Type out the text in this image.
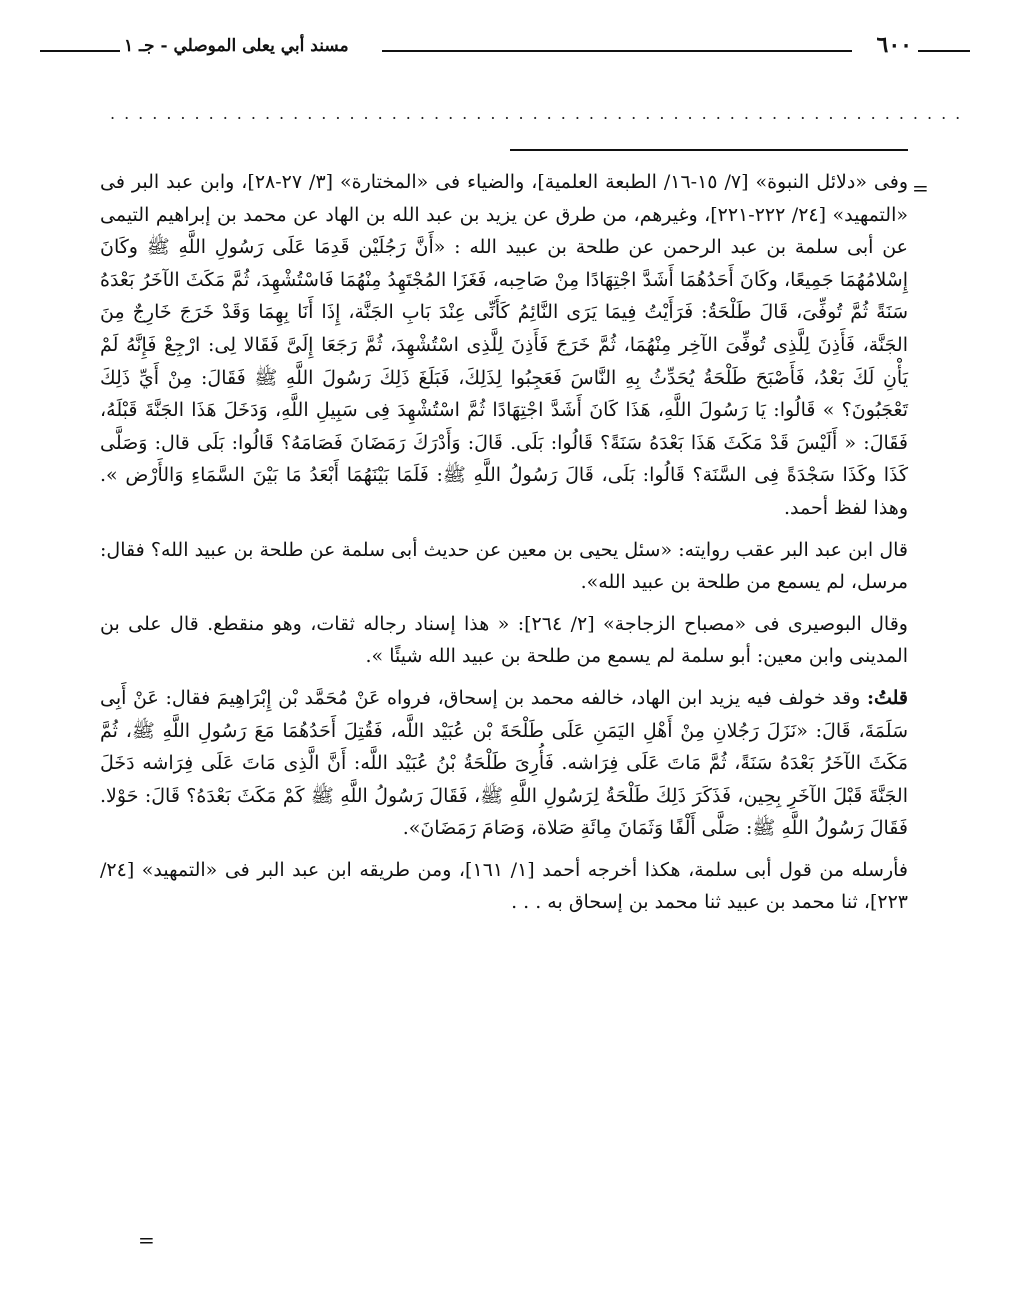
٦٠٠
مسند أبي يعلى الموصلي - جـ ١
.............................................................
=

وفى «دلائل النبوة» [٧/ ١٥-١٦/ الطبعة العلمية]، والضياء فى «المختارة» [٣/ ٢٧-٢٨]، وابن عبد البر فى «التمهيد» [٢٤/ ٢٢٢-٢٢١]، وغيرهم، من طرق عن يزيد بن عبد الله بن الهاد عن محمد بن إبراهيم التيمى عن أبى سلمة بن عبد الرحمن عن طلحة بن عبيد الله : «أَنَّ رَجُلَيْن قَدِمَا عَلَى رَسُولِ اللَّهِ ﷺ وكَانَ إِسْلامُهُمَا جَمِيعًا، وكَانَ أَحَدُهُمَا أَشَدَّ اجْتِهَادًا مِنْ صَاحِبه، فَغَزَا المُجْتَهِدُ مِنْهُمَا فَاسْتُشْهِدَ، ثُمَّ مَكَثَ الآخَرُ بَعْدَهُ سَنَةً ثُمَّ تُوفِّىَ، قَالَ طَلْحَةُ: فَرَأَيْتُ فِيمَا يَرَى النَّائِمُ كَأَنِّى عِنْدَ بَابِ الجَنَّة، إِذَا أَنَا بِهِمَا وَقَدْ خَرَجَ خَارِجٌ مِنَ الجَنَّة، فَأَذِنَ لِلَّذِى تُوفِّىَ الآخِر مِنْهُمَا، ثُمَّ خَرَجَ فَأَذِنَ لِلَّذِى اسْتُشْهِدَ، ثُمَّ رَجَعَا إِلَىَّ فَقَالا لِى: ارْجِعْ فَإِنَّهُ لَمْ يَأْنِ لَكَ بَعْدُ، فَأَصْبَحَ طَلْحَةُ يُحَدِّثُ بِهِ النَّاسَ فَعَجِبُوا لِذَلِكَ، فَبَلَغَ ذَلِكَ رَسُولَ اللَّهِ ﷺ فَقَالَ: مِنْ أَيِّ ذَلِكَ تَعْجَبُونَ؟ » قَالُوا: يَا رَسُولَ اللَّهِ، هَذَا كَانَ أَشَدَّ اجْتِهَادًا ثُمَّ اسْتُشْهِدَ فِى سَبِيلِ اللَّهِ، وَدَخَلَ هَذَا الجَنَّةَ قَبْلَهُ، فَقَالَ: « أَلَيْسَ قَدْ مَكَثَ هَذَا بَعْدَهُ سَنَةً؟ قَالُوا: بَلَى. قَالَ: وَأَدْرَكَ رَمَضَانَ فَصَامَهُ؟ قَالُوا: بَلَى قال: وَصَلَّى كَذَا وكَذَا سَجْدَةً فِى السَّنَة؟ قَالُوا: بَلَى، قَالَ رَسُولُ اللَّهِ ﷺ: فَلَمَا بَيْنَهُمَا أَبْعَدُ مَا بَيْنَ السَّمَاءِ وَالأَرْض ». وهذا لفظ أحمد.

قال ابن عبد البر عقب روايته: «سئل يحيى بن معين عن حديث أبى سلمة عن طلحة بن عبيد الله؟ فقال: مرسل، لم يسمع من طلحة بن عبيد الله».

وقال البوصيرى فى «مصباح الزجاجة» [٢/ ٢٦٤]: « هذا إسناد رجاله ثقات، وهو منقطع. قال على بن المدينى وابن معين: أبو سلمة لم يسمع من طلحة بن عبيد الله شيئًا ».

قلتُ: وقد خولف فيه يزيد ابن الهاد، خالفه محمد بن إسحاق، فرواه عَنْ مُحَمَّد بْن إِبْرَاهِيمَ فقال: عَنْ أَبِى سَلَمَةَ، قَالَ: «نَزَلَ رَجُلانِ مِنْ أَهْلِ اليَمَنِ عَلَى طَلْحَةَ بْن عُبَيْد اللَّه، فَقُتِلَ أَحَدُهُمَا مَعَ رَسُولِ اللَّهِ ﷺ، ثُمَّ مَكَثَ الآخَرُ بَعْدَهُ سَنَةً، ثُمَّ مَاتَ عَلَى فِرَاشه. فَأُرِىَ طَلْحَةُ بْنُ عُبَيْد اللَّه: أَنَّ الَّذِى مَاتَ عَلَى فِرَاشه دَخَلَ الجَنَّةَ قَبْلَ الآخَرِ بِحِين، فَذَكَرَ ذَلِكَ طَلْحَةُ لِرَسُولِ اللَّهِ ﷺ، فَقَالَ رَسُولُ اللَّهِ ﷺ كَمْ مَكَثَ بَعْدَهُ؟ قَالَ: حَوْلا. فَقَالَ رَسُولُ اللَّهِ ﷺ: صَلَّى أَلْفًا وَثَمَانَ مِائَةِ صَلاة، وَصَامَ رَمَضَانَ».

فأرسله من قول أبى سلمة، هكذا أخرجه أحمد [١/ ١٦١]، ومن طريقه ابن عبد البر فى «التمهيد» [٢٤/ ٢٢٣]، ثنا محمد بن عبيد ثنا محمد بن إسحاق به . . .

=
